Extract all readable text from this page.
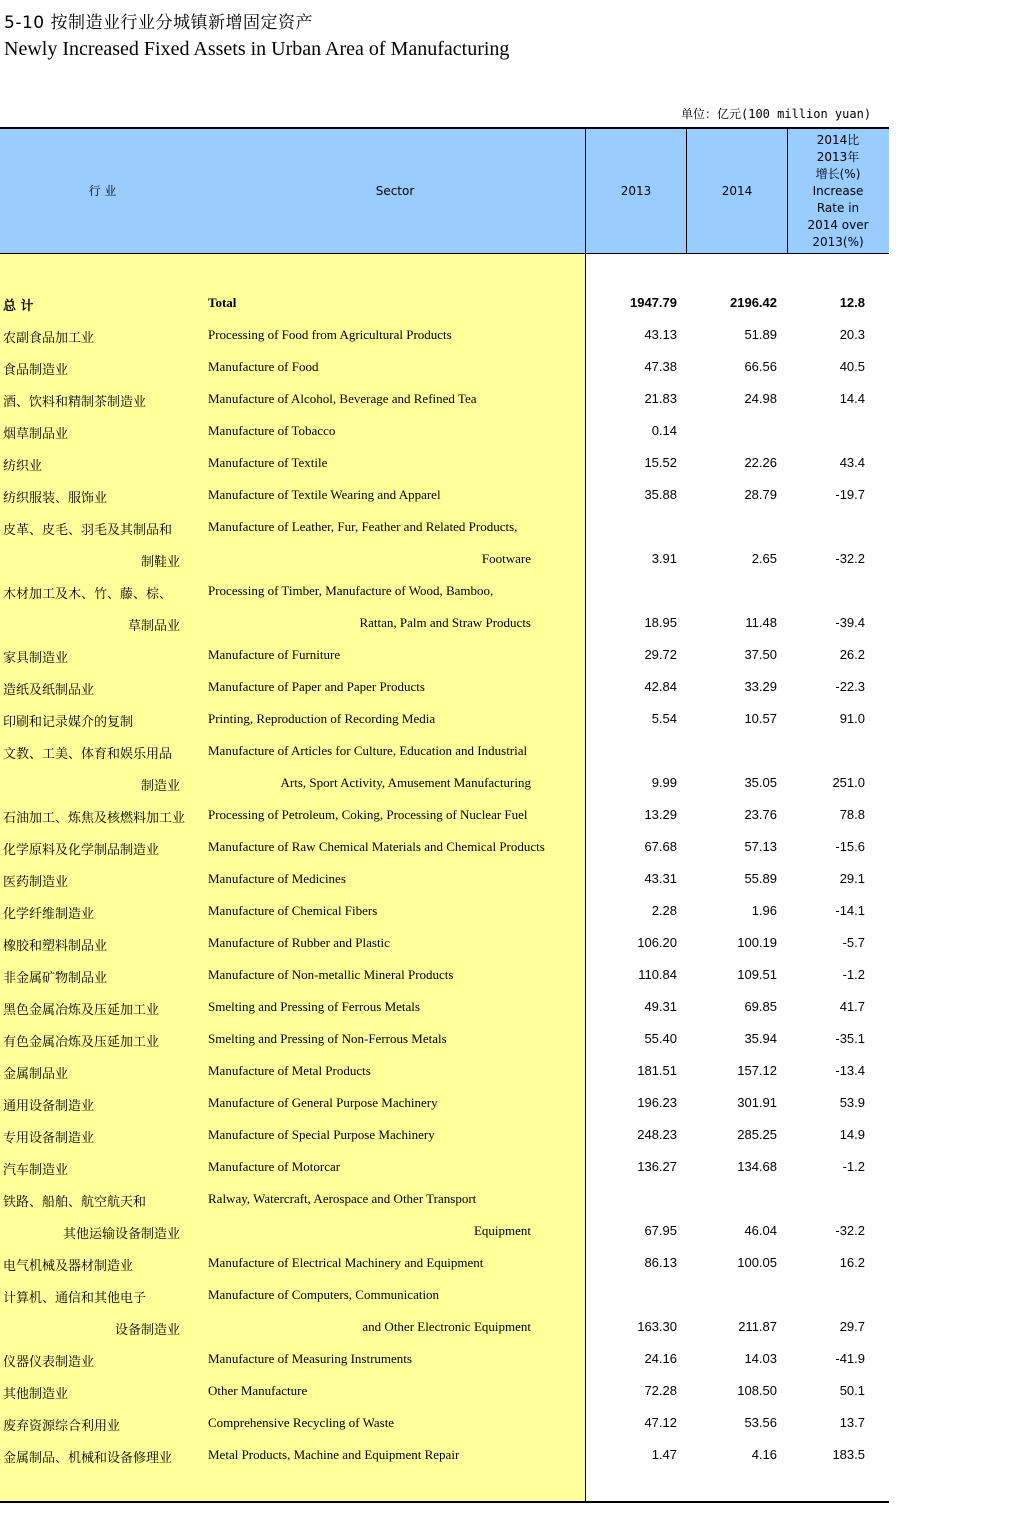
5-10 按制造业行业分城镇新增固定资产
Newly Increased Fixed Assets in Urban Area of Manufacturing
单位：亿元(100 million yuan)
行 业	Sector	2013	2014
2014比
2013年
增长(%)
Increase
Rate in
2014 over
2013(%)
总 计	Total	1947.79	2196.42	12.8
农副食品加工业	Processing of Food from Agricultural Products	43.13	51.89	20.3
食品制造业	Manufacture of Food	47.38	66.56	40.5
酒、饮料和精制茶制造业	Manufacture of Alcohol, Beverage and Refined Tea	21.83	24.98	14.4
烟草制品业	Manufacture of Tobacco	0.14
纺织业	Manufacture of Textile	15.52	22.26	43.4
纺织服装、服饰业	Manufacture of Textile Wearing and Apparel	35.88	28.79	-19.7
皮革、皮毛、羽毛及其制品和	Manufacture of Leather, Fur, Feather and Related Products,
制鞋业	Footware	3.91	2.65	-32.2
木材加工及木、竹、藤、棕、	Processing of Timber, Manufacture of Wood, Bamboo,
草制品业	Rattan, Palm and Straw Products	18.95	11.48	-39.4
家具制造业	Manufacture of Furniture	29.72	37.50	26.2
造纸及纸制品业	Manufacture of Paper and Paper Products	42.84	33.29	-22.3
印刷和记录媒介的复制	Printing, Reproduction of Recording Media	5.54	10.57	91.0
文教、工美、体育和娱乐用品	Manufacture of Articles for Culture, Education and Industrial
制造业	Arts, Sport Activity, Amusement Manufacturing	9.99	35.05	251.0
石油加工、炼焦及核燃料加工业 Processing of Petroleum, Coking, Processing of Nuclear Fuel	13.29	23.76	78.8
化学原料及化学制品制造业	Manufacture of Raw Chemical Materials and Chemical Products	67.68	57.13	-15.6
医药制造业	Manufacture of Medicines	43.31	55.89	29.1
化学纤维制造业	Manufacture of Chemical Fibers	2.28	1.96	-14.1
橡胶和塑料制品业	Manufacture of Rubber and Plastic	106.20	100.19	-5.7
非金属矿物制品业	Manufacture of Non-metallic Mineral Products	110.84	109.51	-1.2
黑色金属冶炼及压延加工业	Smelting and Pressing of Ferrous Metals	49.31	69.85	41.7
有色金属冶炼及压延加工业	Smelting and Pressing of Non-Ferrous Metals	55.40	35.94	-35.1
金属制品业	Manufacture of Metal Products	181.51	157.12	-13.4
通用设备制造业	Manufacture of General Purpose Machinery	196.23	301.91	53.9
专用设备制造业	Manufacture of Special Purpose Machinery	248.23	285.25	14.9
汽车制造业	Manufacture of Motorcar	136.27	134.68	-1.2
铁路、船舶、航空航天和	Ralway, Watercraft, Aerospace and Other Transport
其他运输设备制造业	Equipment	67.95	46.04	-32.2
电气机械及器材制造业	Manufacture of Electrical Machinery and Equipment	86.13	100.05	16.2
计算机、通信和其他电子	Manufacture of Computers, Communication
设备制造业	and Other Electronic Equipment	163.30	211.87	29.7
仪器仪表制造业	Manufacture of Measuring Instruments	24.16	14.03	-41.9
其他制造业	Other Manufacture	72.28	108.50	50.1
废弃资源综合利用业	Comprehensive Recycling of Waste	47.12	53.56	13.7
金属制品、机械和设备修理业	Metal Products, Machine and Equipment Repair	1.47	4.16	183.5
